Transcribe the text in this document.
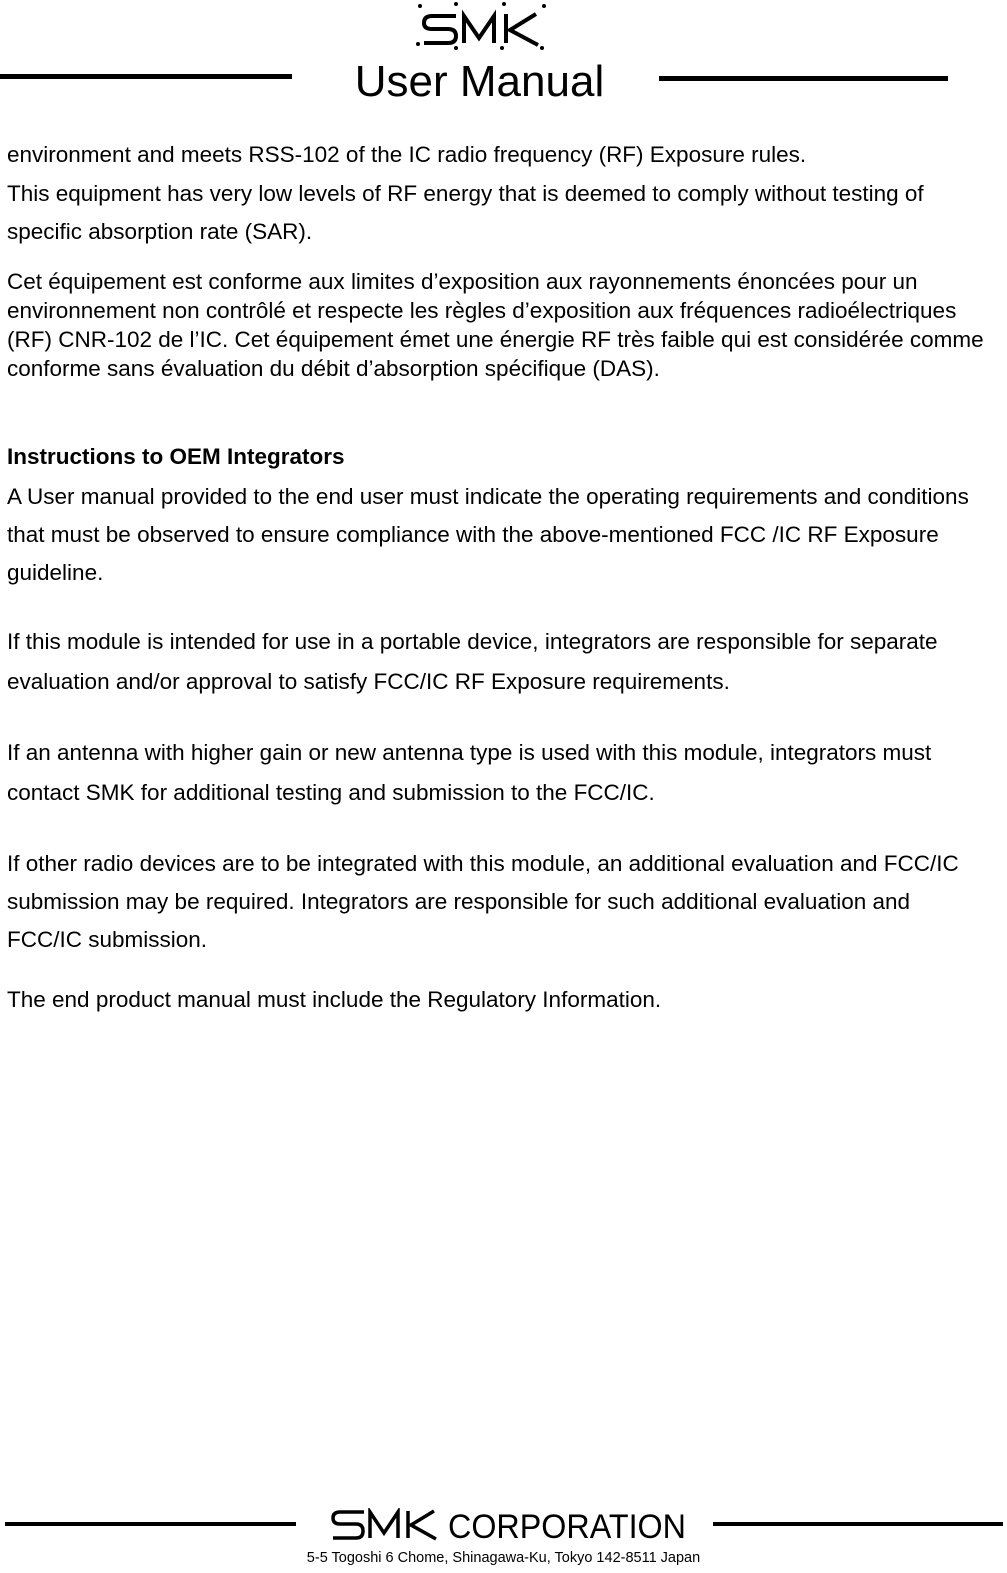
User Manual

environment and meets RSS-102 of the IC radio frequency (RF) Exposure rules.

This equipment has very low levels of RF energy that is deemed to comply without testing of specific absorption rate (SAR).

Cet équipement est conforme aux limites d’exposition aux rayonnements énoncées pour un environnement non contrôlé et respecte les règles d’exposition aux fréquences radioélectriques (RF) CNR-102 de l’IC. Cet équipement émet une énergie RF très faible qui est considérée comme conforme sans évaluation du débit d’absorption spécifique (DAS).

Instructions to OEM Integrators

A User manual provided to the end user must indicate the operating requirements and conditions that must be observed to ensure compliance with the above-mentioned FCC /IC RF Exposure guideline.

If this module is intended for use in a portable device, integrators are responsible for separate evaluation and/or approval to satisfy FCC/IC RF Exposure requirements.

If an antenna with higher gain or new antenna type is used with this module, integrators must contact SMK for additional testing and submission to the FCC/IC.

If other radio devices are to be integrated with this module, an additional evaluation and FCC/IC submission may be required. Integrators are responsible for such additional evaluation and FCC/IC submission.

The end product manual must include the Regulatory Information.

CORPORATION

5-5 Togoshi 6 Chome, Shinagawa-Ku, Tokyo 142-8511 Japan
